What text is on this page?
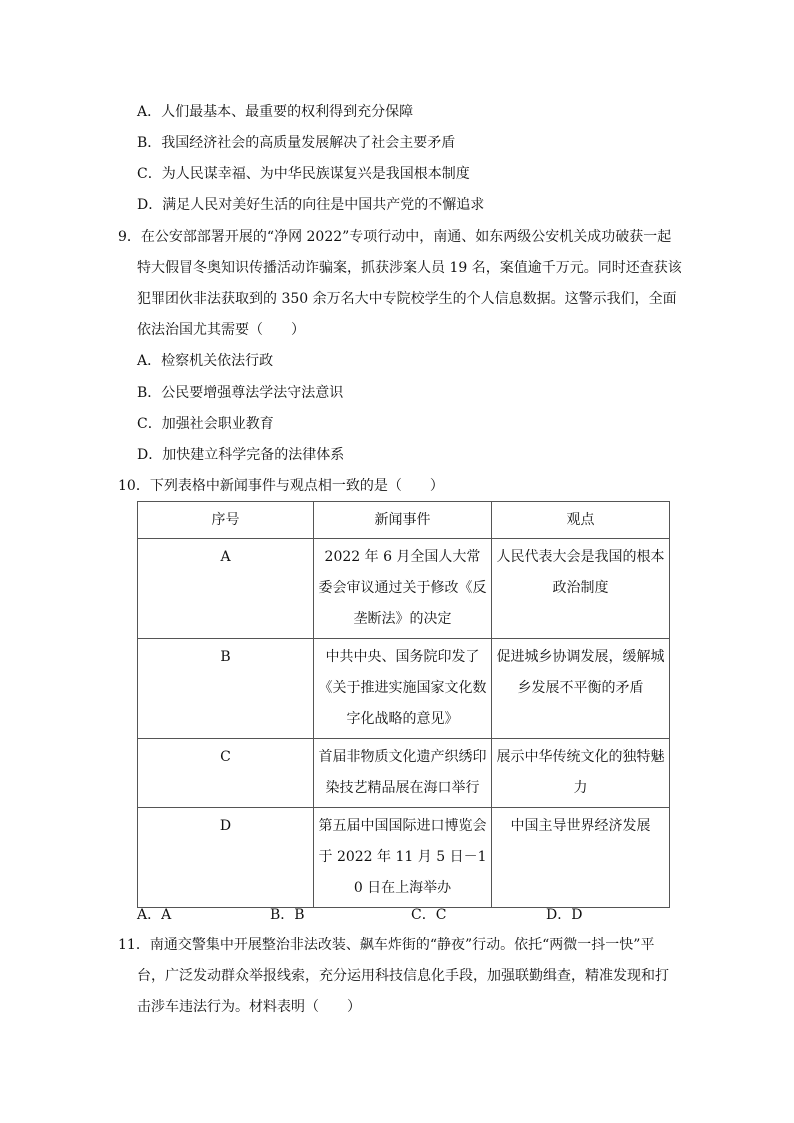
A．人们最基本、最重要的权利得到充分保障
B．我国经济社会的高质量发展解决了社会主要矛盾
C．为人民谋幸福、为中华民族谋复兴是我国根本制度
D．满足人民对美好生活的向往是中国共产党的不懈追求
9．在公安部部署开展的“净网 2022”专项行动中，南通、如东两级公安机关成功破获一起
特大假冒冬奥知识传播活动诈骗案，抓获涉案人员 19 名，案值逾千万元。同时还查获该
犯罪团伙非法获取到的 350 余万名大中专院校学生的个人信息数据。这警示我们，全面
依法治国尤其需要（　　）
A．检察机关依法行政
B．公民要增强尊法学法守法意识
C．加强社会职业教育
D．加快建立科学完备的法律体系
10．下列表格中新闻事件与观点相一致的是（　　）
序号	新闻事件	观点
A	2022 年 6 月全国人大常委会审议通过关于修改《反垄断法》的决定	人民代表大会是我国的根本政治制度
B	中共中央、国务院印发了《关于推进实施国家文化数字化战略的意见》	促进城乡协调发展，缓解城乡发展不平衡的矛盾
C	首届非物质文化遗产织绣印染技艺精品展在海口举行	展示中华传统文化的独特魅力
D	第五届中国国际进口博览会于 2022 年 11 月 5 日－10 日在上海举办	中国主导世界经济发展
A．A	B．B	C．C	D．D
11．南通交警集中开展整治非法改装、飙车炸街的“静夜”行动。依托“两微一抖一快”平
台，广泛发动群众举报线索，充分运用科技信息化手段，加强联勤缉查，精准发现和打
击涉车违法行为。材料表明（　　）
